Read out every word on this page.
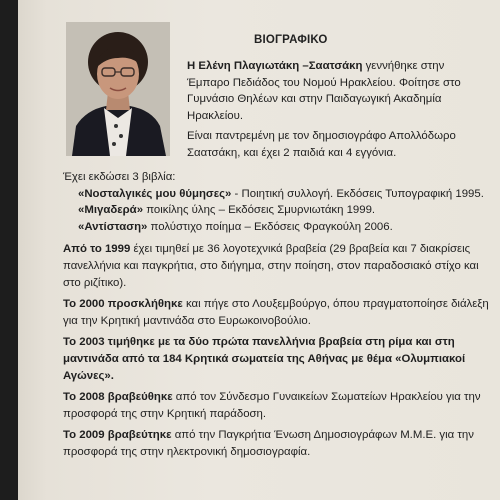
ΒΙΟΓΡΑΦΙΚΟ

Η Ελένη Πλαγιωτάκη –Σαατσάκη γεννήθηκε στην Έμπαρο Πεδιάδος του Νομού Ηρακλείου. Φοίτησε στο Γυμνάσιο Θηλέων και στην Παιδαγωγική Ακαδημία Ηρακλείου.

Είναι παντρεμένη με τον δημοσιογράφο Απολλόδωρο Σαατσάκη, και έχει 2 παιδιά και 4 εγγόνια.

Έχει εκδώσει 3 βιβλία:

«Νοσταλγικές μου θύμησες» - Ποιητική συλλογή. Εκδόσεις Τυπογραφική 1995.
«Μιγαδερά» ποικίλης ύλης – Εκδόσεις Σμυρνιωτάκη 1999.
«Αντίσταση» πολύστιχο ποίημα – Εκδόσεις Φραγκούλη 2006.

Από το 1999 έχει τιμηθεί με 36 λογοτεχνικά βραβεία (29 βραβεία και 7 διακρίσεις πανελλήνια και παγκρήτια, στο διήγημα, στην ποίηση, στον παραδοσιακό στίχο και στο ριζίτικο).

Το 2000 προσκλήθηκε και πήγε στο Λουξεμβούργο, όπου πραγματοποίησε διάλεξη για την Κρητική μαντινάδα στο Ευρωκοινοβούλιο.

Το 2003 τιμήθηκε με τα δύο πρώτα πανελλήνια βραβεία στη ρίμα και στη μαντινάδα από τα 184 Κρητικά σωματεία της Αθήνας με θέμα «Ολυμπιακοί Αγώνες».

Το 2008 βραβεύθηκε από τον Σύνδεσμο Γυναικείων Σωματείων Ηρακλείου για την προσφορά της στην Κρητική παράδοση.

Το 2009 βραβεύτηκε από την Παγκρήτια Ένωση Δημοσιογράφων Μ.Μ.Ε. για την προσφορά της στην ηλεκτρονική δημοσιογραφία.
